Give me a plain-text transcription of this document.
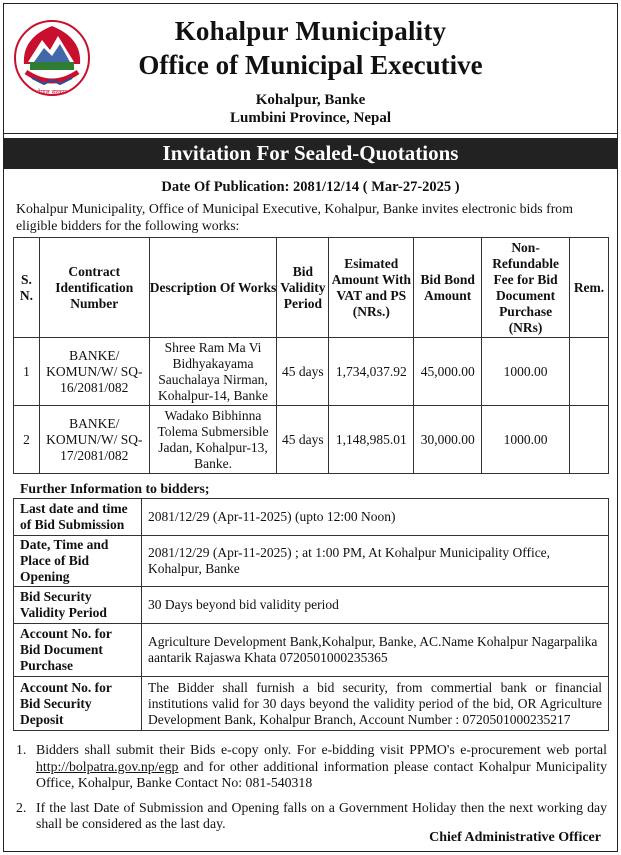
नेपाल सरकार
Kohalpur Municipality
Office of Municipal Executive
Kohalpur, Banke
Lumbini Province, Nepal
Invitation For Sealed-Quotations
Date Of Publication: 2081/12/14 ( Mar-27-2025 )
Kohalpur Municipality, Office of Municipal Executive, Kohalpur, Banke invites electronic bids from eligible bidders for the following works:
S. N.	Contract Identification Number	Description Of Works	Bid Validity Period	Esimated Amount With VAT and PS (NRs.)	Bid Bond Amount	Non-Refundable Fee for Bid Document Purchase (NRs)	Rem.
1	BANKE/ KOMUN/W/ SQ-16/2081/082	Shree Ram Ma Vi Bidhyakayama Sauchalaya Nirman, Kohalpur-14, Banke	45 days	1,734,037.92	45,000.00	1000.00	
2	BANKE/ KOMUN/W/ SQ-17/2081/082	Wadako Bibhinna Tolema Submersible Jadan, Kohalpur-13, Banke.	45 days	1,148,985.01	30,000.00	1000.00	
Further Information to bidders;
Last date and time of Bid Submission	2081/12/29 (Apr-11-2025) (upto 12:00 Noon)
Date, Time and Place of Bid Opening	2081/12/29 (Apr-11-2025) ; at 1:00 PM, At Kohalpur Municipality Office, Kohalpur, Banke
Bid Security Validity Period	30 Days beyond bid validity period
Account No. for Bid Document Purchase	Agriculture Development Bank,Kohalpur, Banke, AC.Name Kohalpur Nagarpalika aantarik Rajaswa Khata 0720501000235365
Account No. for Bid Security Deposit	The Bidder shall furnish a bid security, from commertial bank or financial institutions valid for 30 days beyond the validity period of the bid, OR Agriculture Development Bank, Kohalpur Branch, Account Number : 0720501000235217
1. Bidders shall submit their Bids e-copy only. For e-bidding visit PPMO's e-procurement web portal http://bolpatra.gov.np/egp and for other additional information please contact Kohalpur Municipality Office, Kohalpur, Banke Contact No: 081-540318
2. If the last Date of Submission and Opening falls on a Government Holiday then the next working day shall be considered as the last day.
Chief Administrative Officer
